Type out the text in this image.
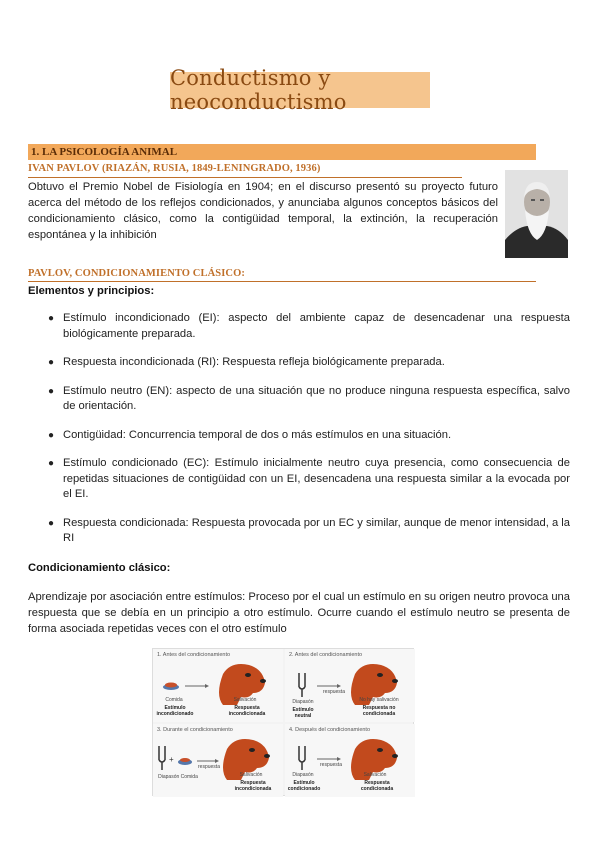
Conductismo y neoconductismo
1. LA PSICOLOGÍA ANIMAL
IVAN PAVLOV (RIAZÁN, RUSIA, 1849-LENINGRADO, 1936)
Obtuvo el Premio Nobel de Fisiología en 1904; en el discurso presentó su proyecto futuro acerca del método de los reflejos condicionados, y anunciaba algunos conceptos básicos del condicionamiento clásico, como la contigüidad temporal, la extinción, la recuperación espontánea y la inhibición
PAVLOV, CONDICIONAMIENTO CLÁSICO:
Elementos y principios:
● Estímulo incondicionado (EI): aspecto del ambiente capaz de desencadenar una respuesta biológicamente preparada.
● Respuesta incondicionada (RI): Respuesta refleja biológicamente preparada.
● Estímulo neutro (EN): aspecto de una situación que no produce ninguna respuesta específica, salvo de orientación.
● Contigüidad: Concurrencia temporal de dos o más estímulos en una situación.
● Estímulo condicionado (EC): Estímulo inicialmente neutro cuya presencia, como consecuencia de repetidas situaciones de contigüidad con un EI, desencadena una respuesta similar a la evocada por el EI.
● Respuesta condicionada: Respuesta provocada por un EC y similar, aunque de menor intensidad, a la RI
Condicionamiento clásico:
Aprendizaje por asociación entre estímulos: Proceso por el cual un estímulo en su origen neutro provoca una respuesta que se debía en un principio a otro estímulo. Ocurre cuando el estímulo neutro se presenta de forma asociada repetidas veces con el otro estímulo
1. Antes del condicionamiento
Comida
Estímulo incondicionado
Salivación
Respuesta incondicionada
2. Antes del condicionamiento
respuesta
Diapasón
Estímulo neutral
No hay salivación
Respuesta no condicionada
3. Durante el condicionamiento
+
respuesta
Diapasón Comida	Salivación
Respuesta incondicionada
4. Después del condicionamiento
respuesta
Diapasón
Estímulo condicionado
Salivación
Respuesta condicionada
